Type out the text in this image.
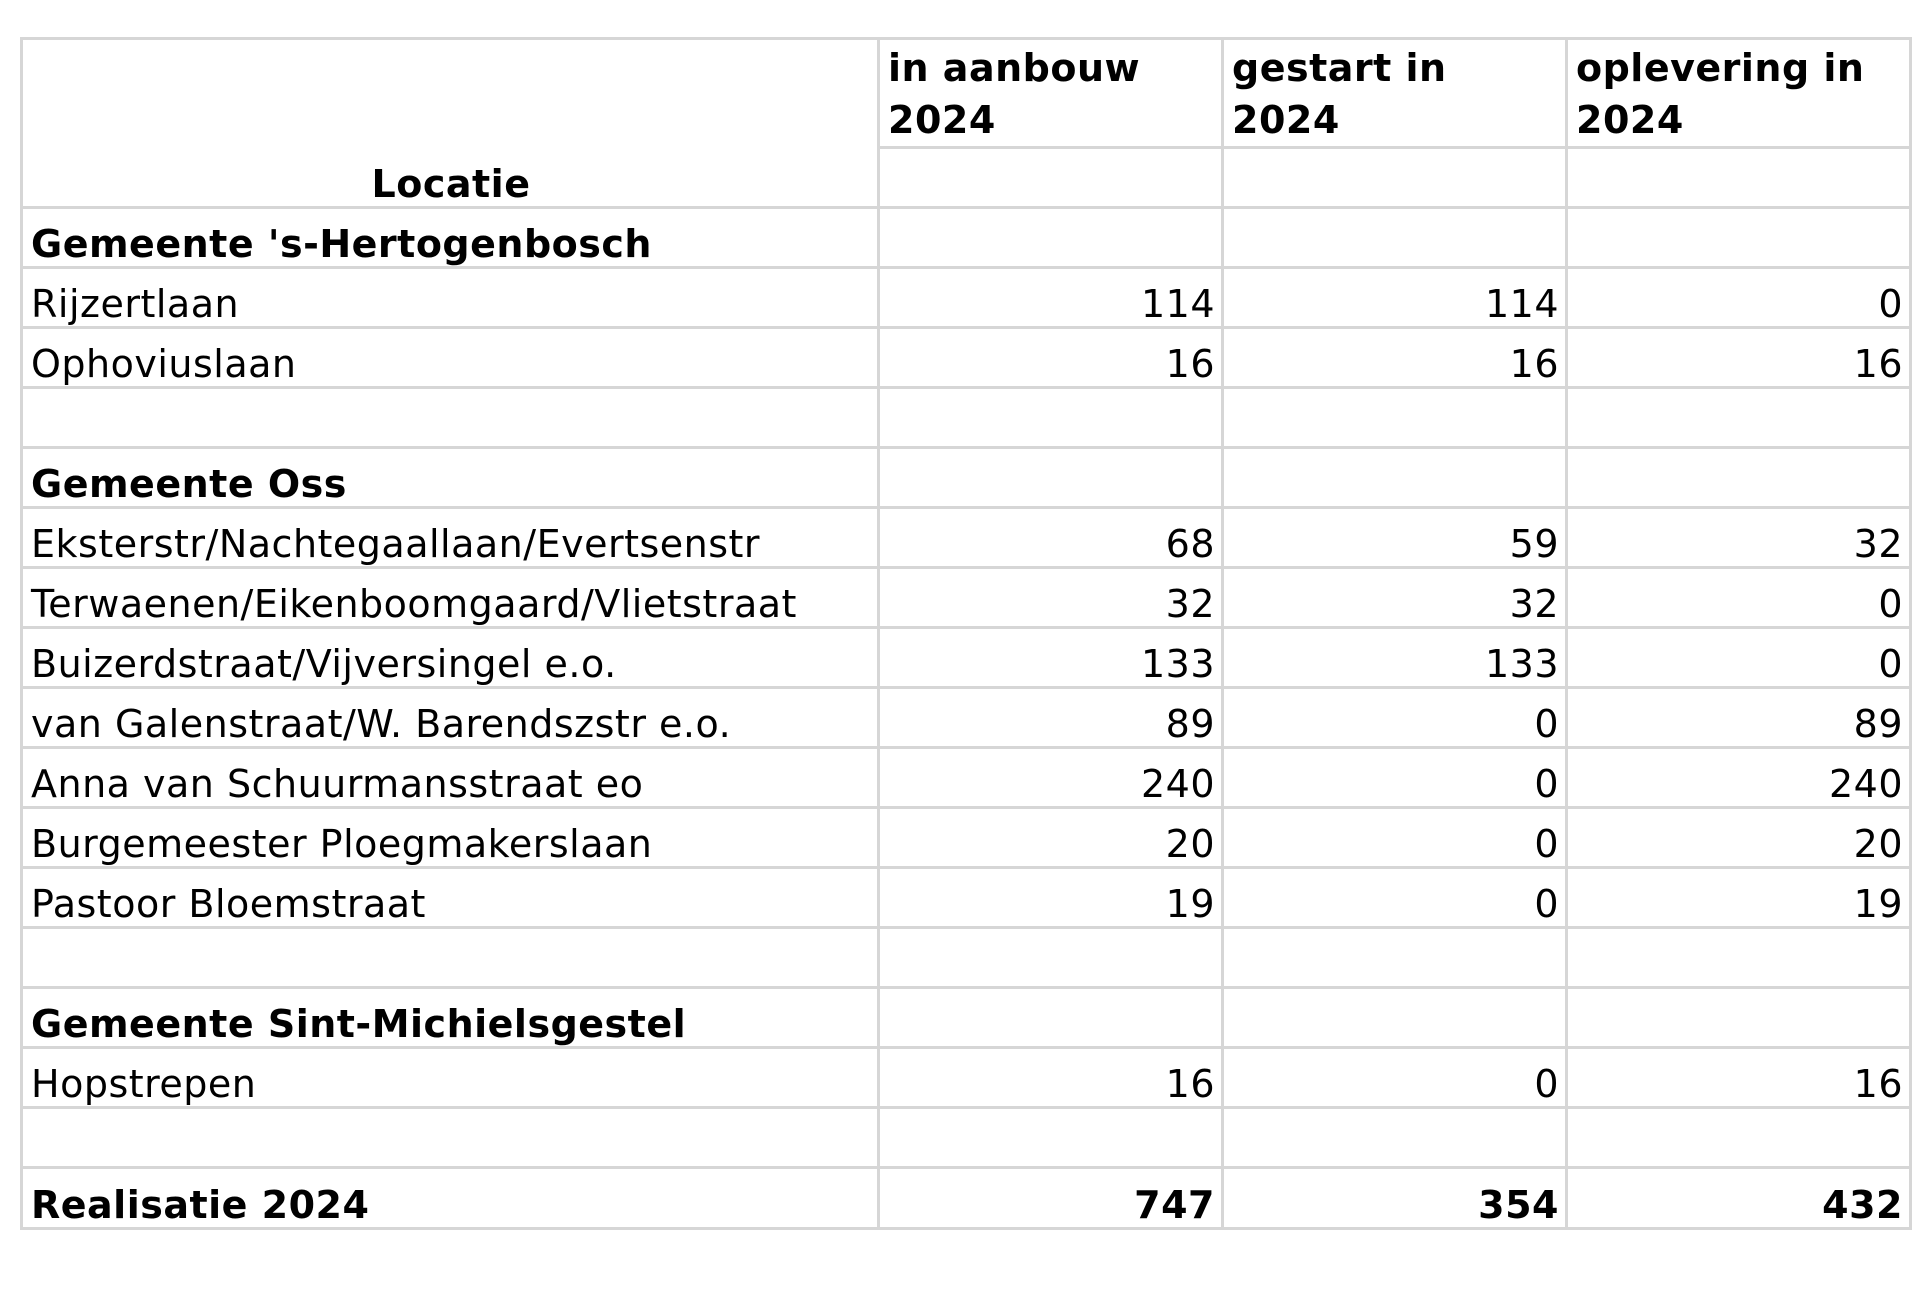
Locatie	in aanbouw 2024	gestart in 2024	oplevering in 2024

Gemeente 's-Hertogenbosch			
Rijzertlaan	114	114	0
Ophoviuslaan	16	16	16

Gemeente Oss			
Eksterstr/Nachtegaallaan/Evertsenstr	68	59	32
Terwaenen/Eikenboomgaard/Vlietstraat	32	32	0
Buizerdstraat/Vijversingel e.o.	133	133	0
van Galenstraat/W. Barendszstr e.o.	89	0	89
Anna van Schuurmansstraat eo	240	0	240
Burgemeester Ploegmakerslaan	20	0	20
Pastoor Bloemstraat	19	0	19

Gemeente Sint-Michielsgestel			
Hopstrepen	16	0	16

Realisatie 2024	747	354	432
